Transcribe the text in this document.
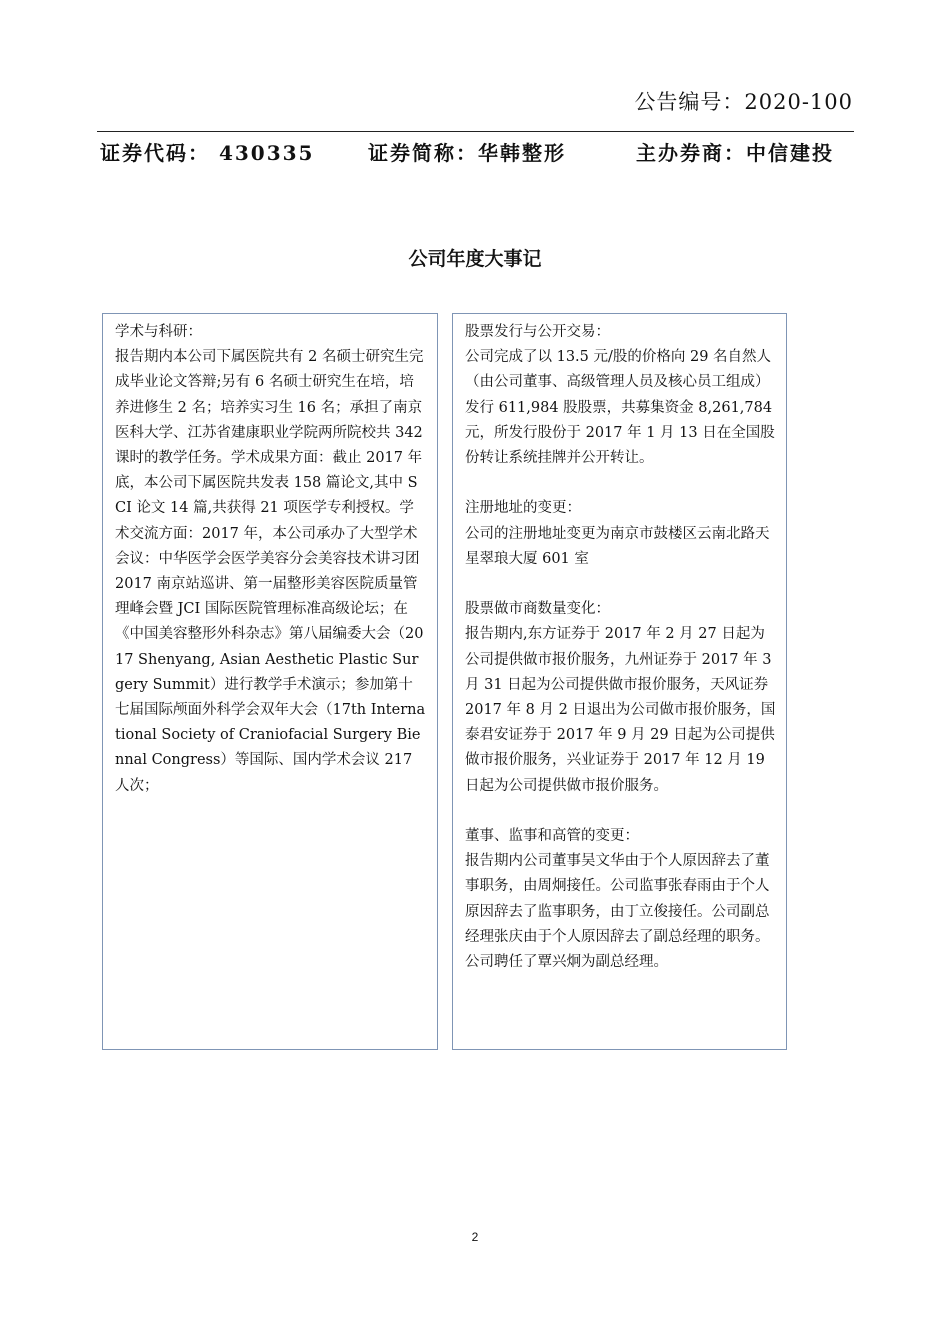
公告编号：2020-100
证券代码： 430335	证券简称：华韩整形	主办券商：中信建投
公司年度大事记

学术与科研：

报告期内本公司下属医院共有 2 名硕士研究生完成毕业论文答辩;另有 6 名硕士研究生在培，培养进修生 2 名；培养实习生 16 名；承担了南京医科大学、江苏省建康职业学院两所院校共 342 课时的教学任务。学术成果方面：截止 2017 年底，本公司下属医院共发表 158 篇论文,其中 SCI 论文 14 篇,共获得 21 项医学专利授权。学术交流方面：2017 年，本公司承办了大型学术会议：中华医学会医学美容分会美容技术讲习团 2017 南京站巡讲、第一届整形美容医院质量管理峰会暨 JCI 国际医院管理标准高级论坛；在《中国美容整形外科杂志》第八届编委大会（2017 Shenyang, Asian Aesthetic Plastic Surgery Summit）进行教学手术演示；参加第十七届国际颅面外科学会双年大会（17th International Society of Craniofacial Surgery Biennal Congress）等国际、国内学术会议 217 人次；

股票发行与公开交易：

公司完成了以 13.5 元/股的价格向 29 名自然人（由公司董事、高级管理人员及核心员工组成）发行 611,984 股股票，共募集资金 8,261,784 元，所发行股份于 2017 年 1 月 13 日在全国股份转让系统挂牌并公开转让。

注册地址的变更：

公司的注册地址变更为南京市鼓楼区云南北路天星翠琅大厦 601 室

股票做市商数量变化：

报告期内,东方证券于 2017 年 2 月 27 日起为公司提供做市报价服务，九州证券于 2017 年 3 月 31 日起为公司提供做市报价服务，天风证券 2017 年 8 月 2 日退出为公司做市报价服务，国泰君安证券于 2017 年 9 月 29 日起为公司提供做市报价服务，兴业证券于 2017 年 12 月 19 日起为公司提供做市报价服务。

董事、监事和高管的变更：

报告期内公司董事吴文华由于个人原因辞去了董事职务，由周炯接任。公司监事张春雨由于个人原因辞去了监事职务，由丁立俊接任。公司副总经理张庆由于个人原因辞去了副总经理的职务。公司聘任了覃兴炯为副总经理。

2
